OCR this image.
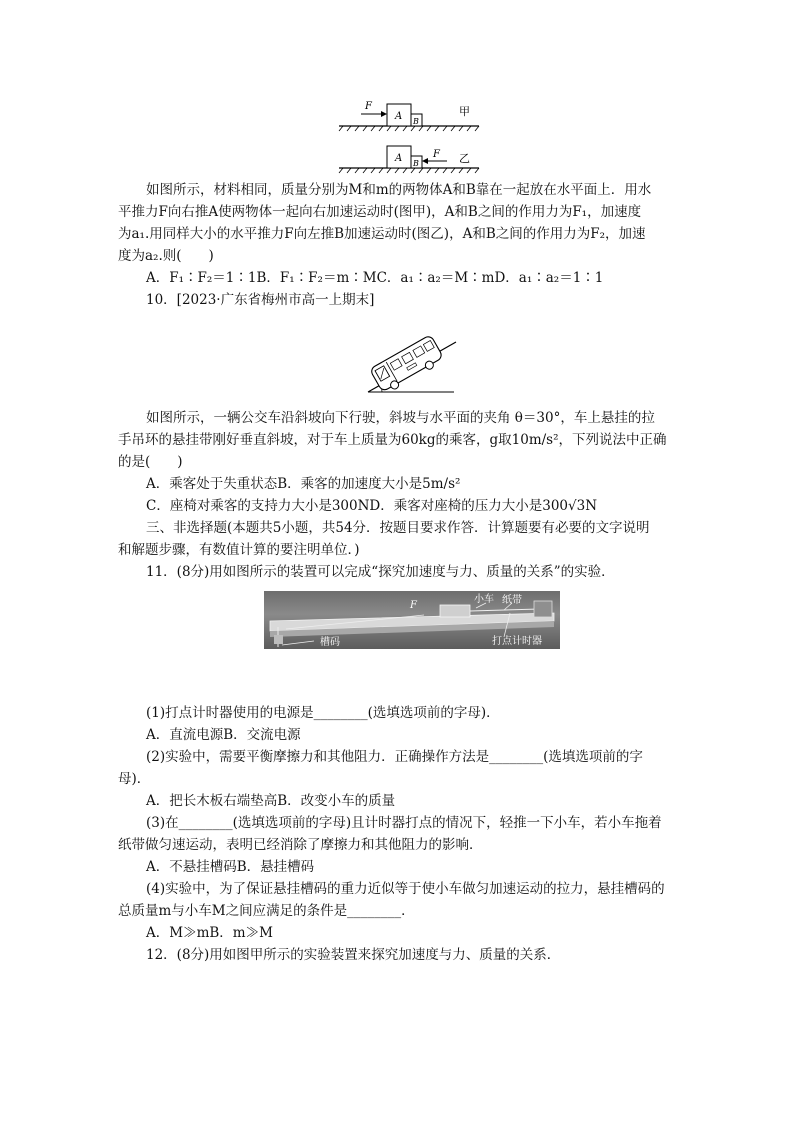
F
A B
甲
F
A B	乙
如图所示，材料相同，质量分别为M和m的两物体A和B靠在一起放在水平面上．用水
平推力F向右推A使两物体一起向右加速运动时(图甲)，A和B之间的作用力为F₁，加速度
为a₁.用同样大小的水平推力F向左推B加速运动时(图乙)，A和B之间的作用力为F₂，加速
度为a₂.则(　　)
A．F₁∶F₂＝1∶1B．F₁∶F₂＝m∶MC．a₁∶a₂＝M∶mD．a₁∶a₂＝1∶1
10．[2023·广东省梅州市高一上期末]
如图所示，一辆公交车沿斜坡向下行驶，斜坡与水平面的夹角 θ＝30°，车上悬挂的拉
手吊环的悬挂带刚好垂直斜坡，对于车上质量为60kg的乘客，g取10m/s²，下列说法中正确
的是(　　)
A．乘客处于失重状态B．乘客的加速度大小是5m/s²
C．座椅对乘客的支持力大小是300ND．乘客对座椅的压力大小是300√3N
三、非选择题(本题共5小题，共54分．按题目要求作答．计算题要有必要的文字说明
和解题步骤，有数值计算的要注明单位．)
11．(8分)用如图所示的装置可以完成“探究加速度与力、质量的关系”的实验．
F
小车 纸带
槽码	打点计时器
(1)打点计时器使用的电源是________(选填选项前的字母)．
A．直流电源B．交流电源
(2)实验中，需要平衡摩擦力和其他阻力．正确操作方法是________(选填选项前的字
母)．
A．把长木板右端垫高B．改变小车的质量
(3)在________(选填选项前的字母)且计时器打点的情况下，轻推一下小车，若小车拖着
纸带做匀速运动，表明已经消除了摩擦力和其他阻力的影响．
A．不悬挂槽码B．悬挂槽码
(4)实验中，为了保证悬挂槽码的重力近似等于使小车做匀加速运动的拉力，悬挂槽码的
总质量m与小车M之间应满足的条件是________．
A．M≫mB．m≫M
12．(8分)用如图甲所示的实验装置来探究加速度与力、质量的关系．
